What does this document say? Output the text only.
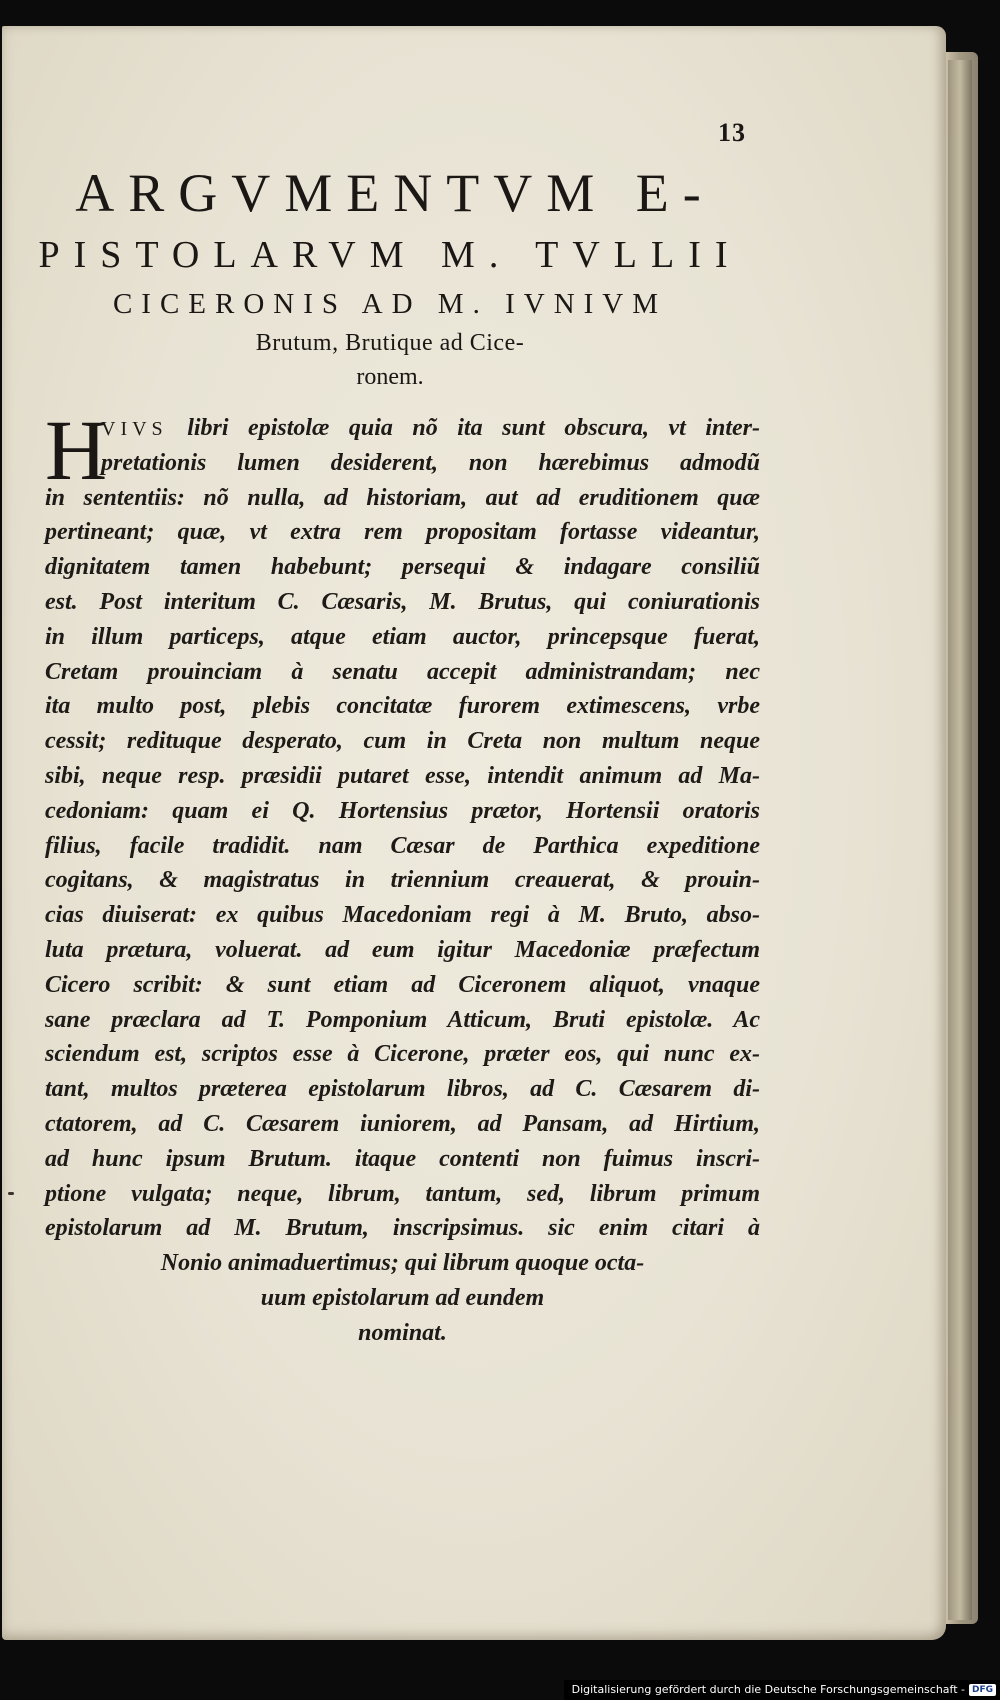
13
ARGVMENTVM E-
PISTOLARVM M. TVLLII
CICERONIS AD M. IVNIVM
Brutum, Brutique ad Cice-
ronem.
H
VIVS libri epistolæ quia nõ ita sunt obscura, vt inter-
pretationis lumen desiderent, non hærebimus admodũ
in sententiis: nõ nulla, ad historiam, aut ad eruditionem quæ
pertineant; quæ, vt extra rem propositam fortasse videantur,
dignitatem tamen habebunt; persequi & indagare consiliũ
est. Post interitum C. Cæsaris, M. Brutus, qui coniurationis
in illum particeps, atque etiam auctor, princepsque fuerat,
Cretam prouinciam à senatu accepit administrandam; nec
ita multo post, plebis concitatæ furorem extimescens, vrbe
cessit; redituque desperato, cum in Creta non multum neque
sibi, neque resp. præsidii putaret esse, intendit animum ad Ma-
cedoniam: quam ei Q. Hortensius prætor, Hortensii oratoris
filius, facile tradidit. nam Cæsar de Parthica expeditione
cogitans, & magistratus in triennium creauerat, & prouin-
cias diuiserat: ex quibus Macedoniam regi à M. Bruto, abso-
luta prætura, voluerat. ad eum igitur Macedoniæ præfectum
Cicero scribit: & sunt etiam ad Ciceronem aliquot, vnaque
sane præclara ad T. Pomponium Atticum, Bruti epistolæ. Ac
sciendum est, scriptos esse à Cicerone, præter eos, qui nunc ex-
tant, multos præterea epistolarum libros, ad C. Cæsarem di-
ctatorem, ad C. Cæsarem iuniorem, ad Pansam, ad Hirtium,
ad hunc ipsum Brutum. itaque contenti non fuimus inscri-
ptione vulgata; neque, librum, tantum, sed, librum primum
epistolarum ad M. Brutum, inscripsimus. sic enim citari à
Nonio animaduertimus; qui librum quoque octa-
uum epistolarum ad eundem
nominat.
Digitalisierung gefördert durch die Deutsche Forschungsgemeinschaft - DFG
